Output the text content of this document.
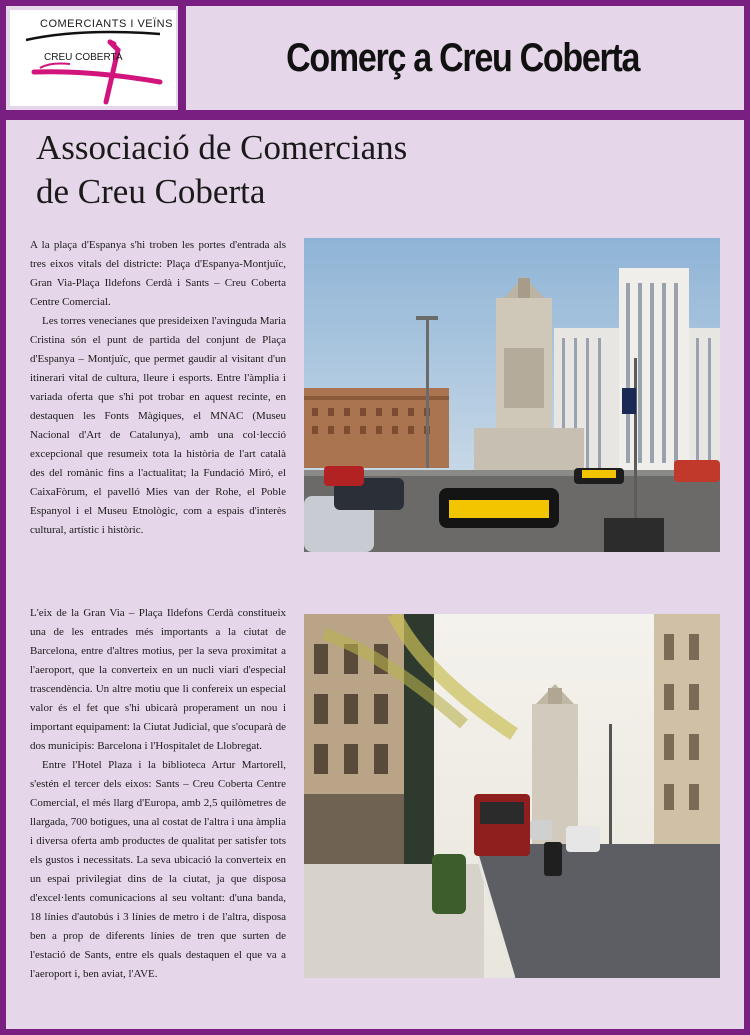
COMERCIANTS I VEÏNS
CREU COBERTA	Comerç a Creu Coberta
Associació de Comercians
de Creu Coberta

A la plaça d'Espanya s'hi troben les portes d'entrada als tres eixos vitals del districte: Plaça d'Espanya-Montjuïc, Gran Via-Plaça Ildefons Cerdà i Sants – Creu Coberta Centre Comercial.

Les torres venecianes que presideixen l'avinguda Maria Cristina són el punt de partida del conjunt de Plaça d'Espanya – Montjuïc, que permet gaudir al visitant d'un itinerari vital de cultura, lleure i esports. Entre l'àmplia i variada oferta que s'hi pot trobar en aquest recinte, en destaquen les Fonts Màgiques, el MNAC (Museu Nacional d'Art de Catalunya), amb una col·lecció excepcional que resumeix tota la història de l'art català des del romànic fins a l'actualitat; la Fundació Miró, el CaixaFòrum, el pavelló Mies van der Rohe, el Poble Espanyol i el Museu Etnològic, com a espais d'interès cultural, artístic i històric.

L'eix de la Gran Via – Plaça Ildefons Cerdà constitueix una de les entrades més importants a la ciutat de Barcelona, entre d'altres motius, per la seva proximitat a l'aeroport, que la converteix en un nucli viari d'especial trascendència. Un altre motiu que li confereix un especial valor és el fet que s'hi ubicarà properament un nou i important equipament: la Ciutat Judicial, que s'ocuparà de dos municipis: Barcelona i l'Hospitalet de Llobregat.

Entre l'Hotel Plaza i la biblioteca Artur Martorell, s'estén el tercer dels eixos: Sants – Creu Coberta Centre Comercial, el més llarg d'Europa, amb 2,5 quilòmetres de llargada, 700 botigues, una al costat de l'altra i una àmplia i diversa oferta amb productes de qualitat per satisfer tots els gustos i necessitats. La seva ubicació la converteix en un espai privilegiat dins de la ciutat, ja que disposa d'excel·lents comunicacions al seu voltant: d'una banda, 18 línies d'autobús i 3 línies de metro i de l'altra, disposa ben a prop de diferents línies de tren que surten de l'estació de Sants, entre els quals destaquen el que va a l'aeroport i, ben aviat, l'AVE.
